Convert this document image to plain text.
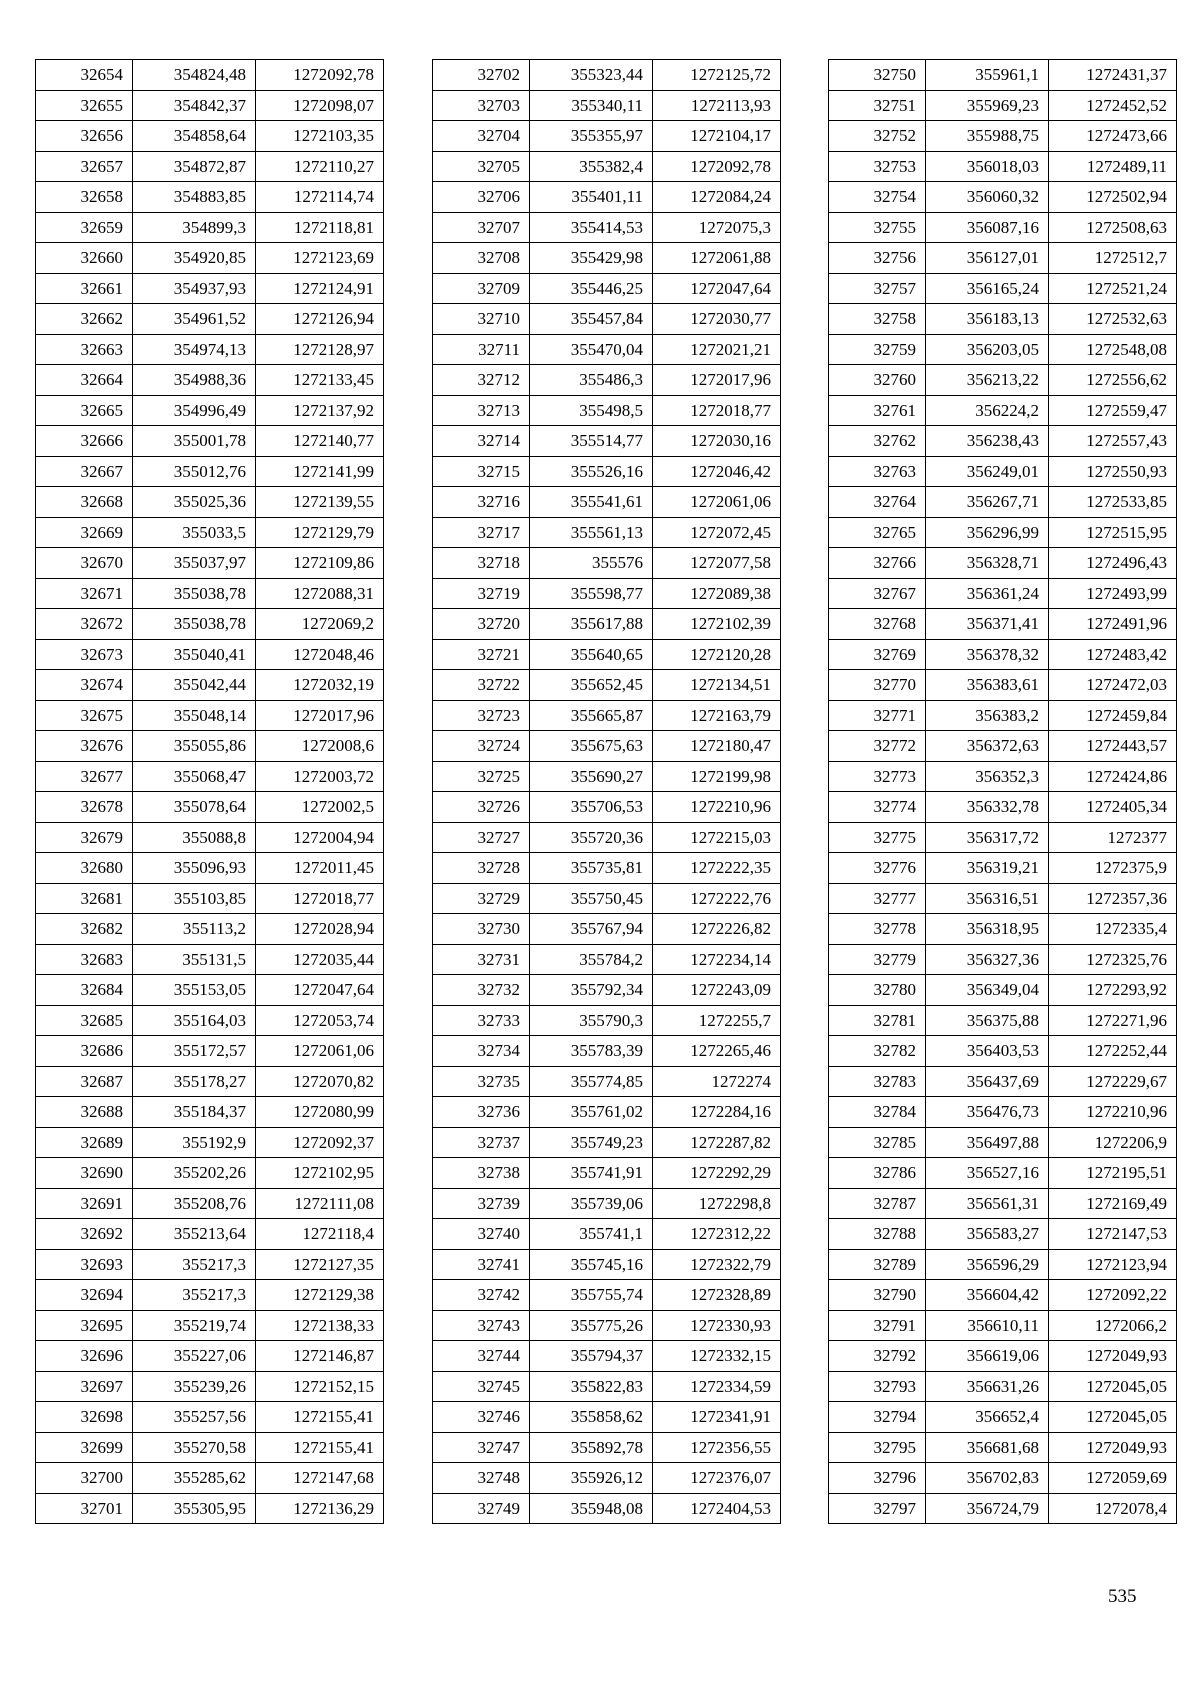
32654	354824,48	1272092,78
32655	354842,37	1272098,07
32656	354858,64	1272103,35
32657	354872,87	1272110,27
32658	354883,85	1272114,74
32659	354899,3	1272118,81
32660	354920,85	1272123,69
32661	354937,93	1272124,91
32662	354961,52	1272126,94
32663	354974,13	1272128,97
32664	354988,36	1272133,45
32665	354996,49	1272137,92
32666	355001,78	1272140,77
32667	355012,76	1272141,99
32668	355025,36	1272139,55
32669	355033,5	1272129,79
32670	355037,97	1272109,86
32671	355038,78	1272088,31
32672	355038,78	1272069,2
32673	355040,41	1272048,46
32674	355042,44	1272032,19
32675	355048,14	1272017,96
32676	355055,86	1272008,6
32677	355068,47	1272003,72
32678	355078,64	1272002,5
32679	355088,8	1272004,94
32680	355096,93	1272011,45
32681	355103,85	1272018,77
32682	355113,2	1272028,94
32683	355131,5	1272035,44
32684	355153,05	1272047,64
32685	355164,03	1272053,74
32686	355172,57	1272061,06
32687	355178,27	1272070,82
32688	355184,37	1272080,99
32689	355192,9	1272092,37
32690	355202,26	1272102,95
32691	355208,76	1272111,08
32692	355213,64	1272118,4
32693	355217,3	1272127,35
32694	355217,3	1272129,38
32695	355219,74	1272138,33
32696	355227,06	1272146,87
32697	355239,26	1272152,15
32698	355257,56	1272155,41
32699	355270,58	1272155,41
32700	355285,62	1272147,68
32701	355305,95	1272136,29
32702	355323,44	1272125,72
32703	355340,11	1272113,93
32704	355355,97	1272104,17
32705	355382,4	1272092,78
32706	355401,11	1272084,24
32707	355414,53	1272075,3
32708	355429,98	1272061,88
32709	355446,25	1272047,64
32710	355457,84	1272030,77
32711	355470,04	1272021,21
32712	355486,3	1272017,96
32713	355498,5	1272018,77
32714	355514,77	1272030,16
32715	355526,16	1272046,42
32716	355541,61	1272061,06
32717	355561,13	1272072,45
32718	355576	1272077,58
32719	355598,77	1272089,38
32720	355617,88	1272102,39
32721	355640,65	1272120,28
32722	355652,45	1272134,51
32723	355665,87	1272163,79
32724	355675,63	1272180,47
32725	355690,27	1272199,98
32726	355706,53	1272210,96
32727	355720,36	1272215,03
32728	355735,81	1272222,35
32729	355750,45	1272222,76
32730	355767,94	1272226,82
32731	355784,2	1272234,14
32732	355792,34	1272243,09
32733	355790,3	1272255,7
32734	355783,39	1272265,46
32735	355774,85	1272274
32736	355761,02	1272284,16
32737	355749,23	1272287,82
32738	355741,91	1272292,29
32739	355739,06	1272298,8
32740	355741,1	1272312,22
32741	355745,16	1272322,79
32742	355755,74	1272328,89
32743	355775,26	1272330,93
32744	355794,37	1272332,15
32745	355822,83	1272334,59
32746	355858,62	1272341,91
32747	355892,78	1272356,55
32748	355926,12	1272376,07
32749	355948,08	1272404,53
32750	355961,1	1272431,37
32751	355969,23	1272452,52
32752	355988,75	1272473,66
32753	356018,03	1272489,11
32754	356060,32	1272502,94
32755	356087,16	1272508,63
32756	356127,01	1272512,7
32757	356165,24	1272521,24
32758	356183,13	1272532,63
32759	356203,05	1272548,08
32760	356213,22	1272556,62
32761	356224,2	1272559,47
32762	356238,43	1272557,43
32763	356249,01	1272550,93
32764	356267,71	1272533,85
32765	356296,99	1272515,95
32766	356328,71	1272496,43
32767	356361,24	1272493,99
32768	356371,41	1272491,96
32769	356378,32	1272483,42
32770	356383,61	1272472,03
32771	356383,2	1272459,84
32772	356372,63	1272443,57
32773	356352,3	1272424,86
32774	356332,78	1272405,34
32775	356317,72	1272377
32776	356319,21	1272375,9
32777	356316,51	1272357,36
32778	356318,95	1272335,4
32779	356327,36	1272325,76
32780	356349,04	1272293,92
32781	356375,88	1272271,96
32782	356403,53	1272252,44
32783	356437,69	1272229,67
32784	356476,73	1272210,96
32785	356497,88	1272206,9
32786	356527,16	1272195,51
32787	356561,31	1272169,49
32788	356583,27	1272147,53
32789	356596,29	1272123,94
32790	356604,42	1272092,22
32791	356610,11	1272066,2
32792	356619,06	1272049,93
32793	356631,26	1272045,05
32794	356652,4	1272045,05
32795	356681,68	1272049,93
32796	356702,83	1272059,69
32797	356724,79	1272078,4
535
